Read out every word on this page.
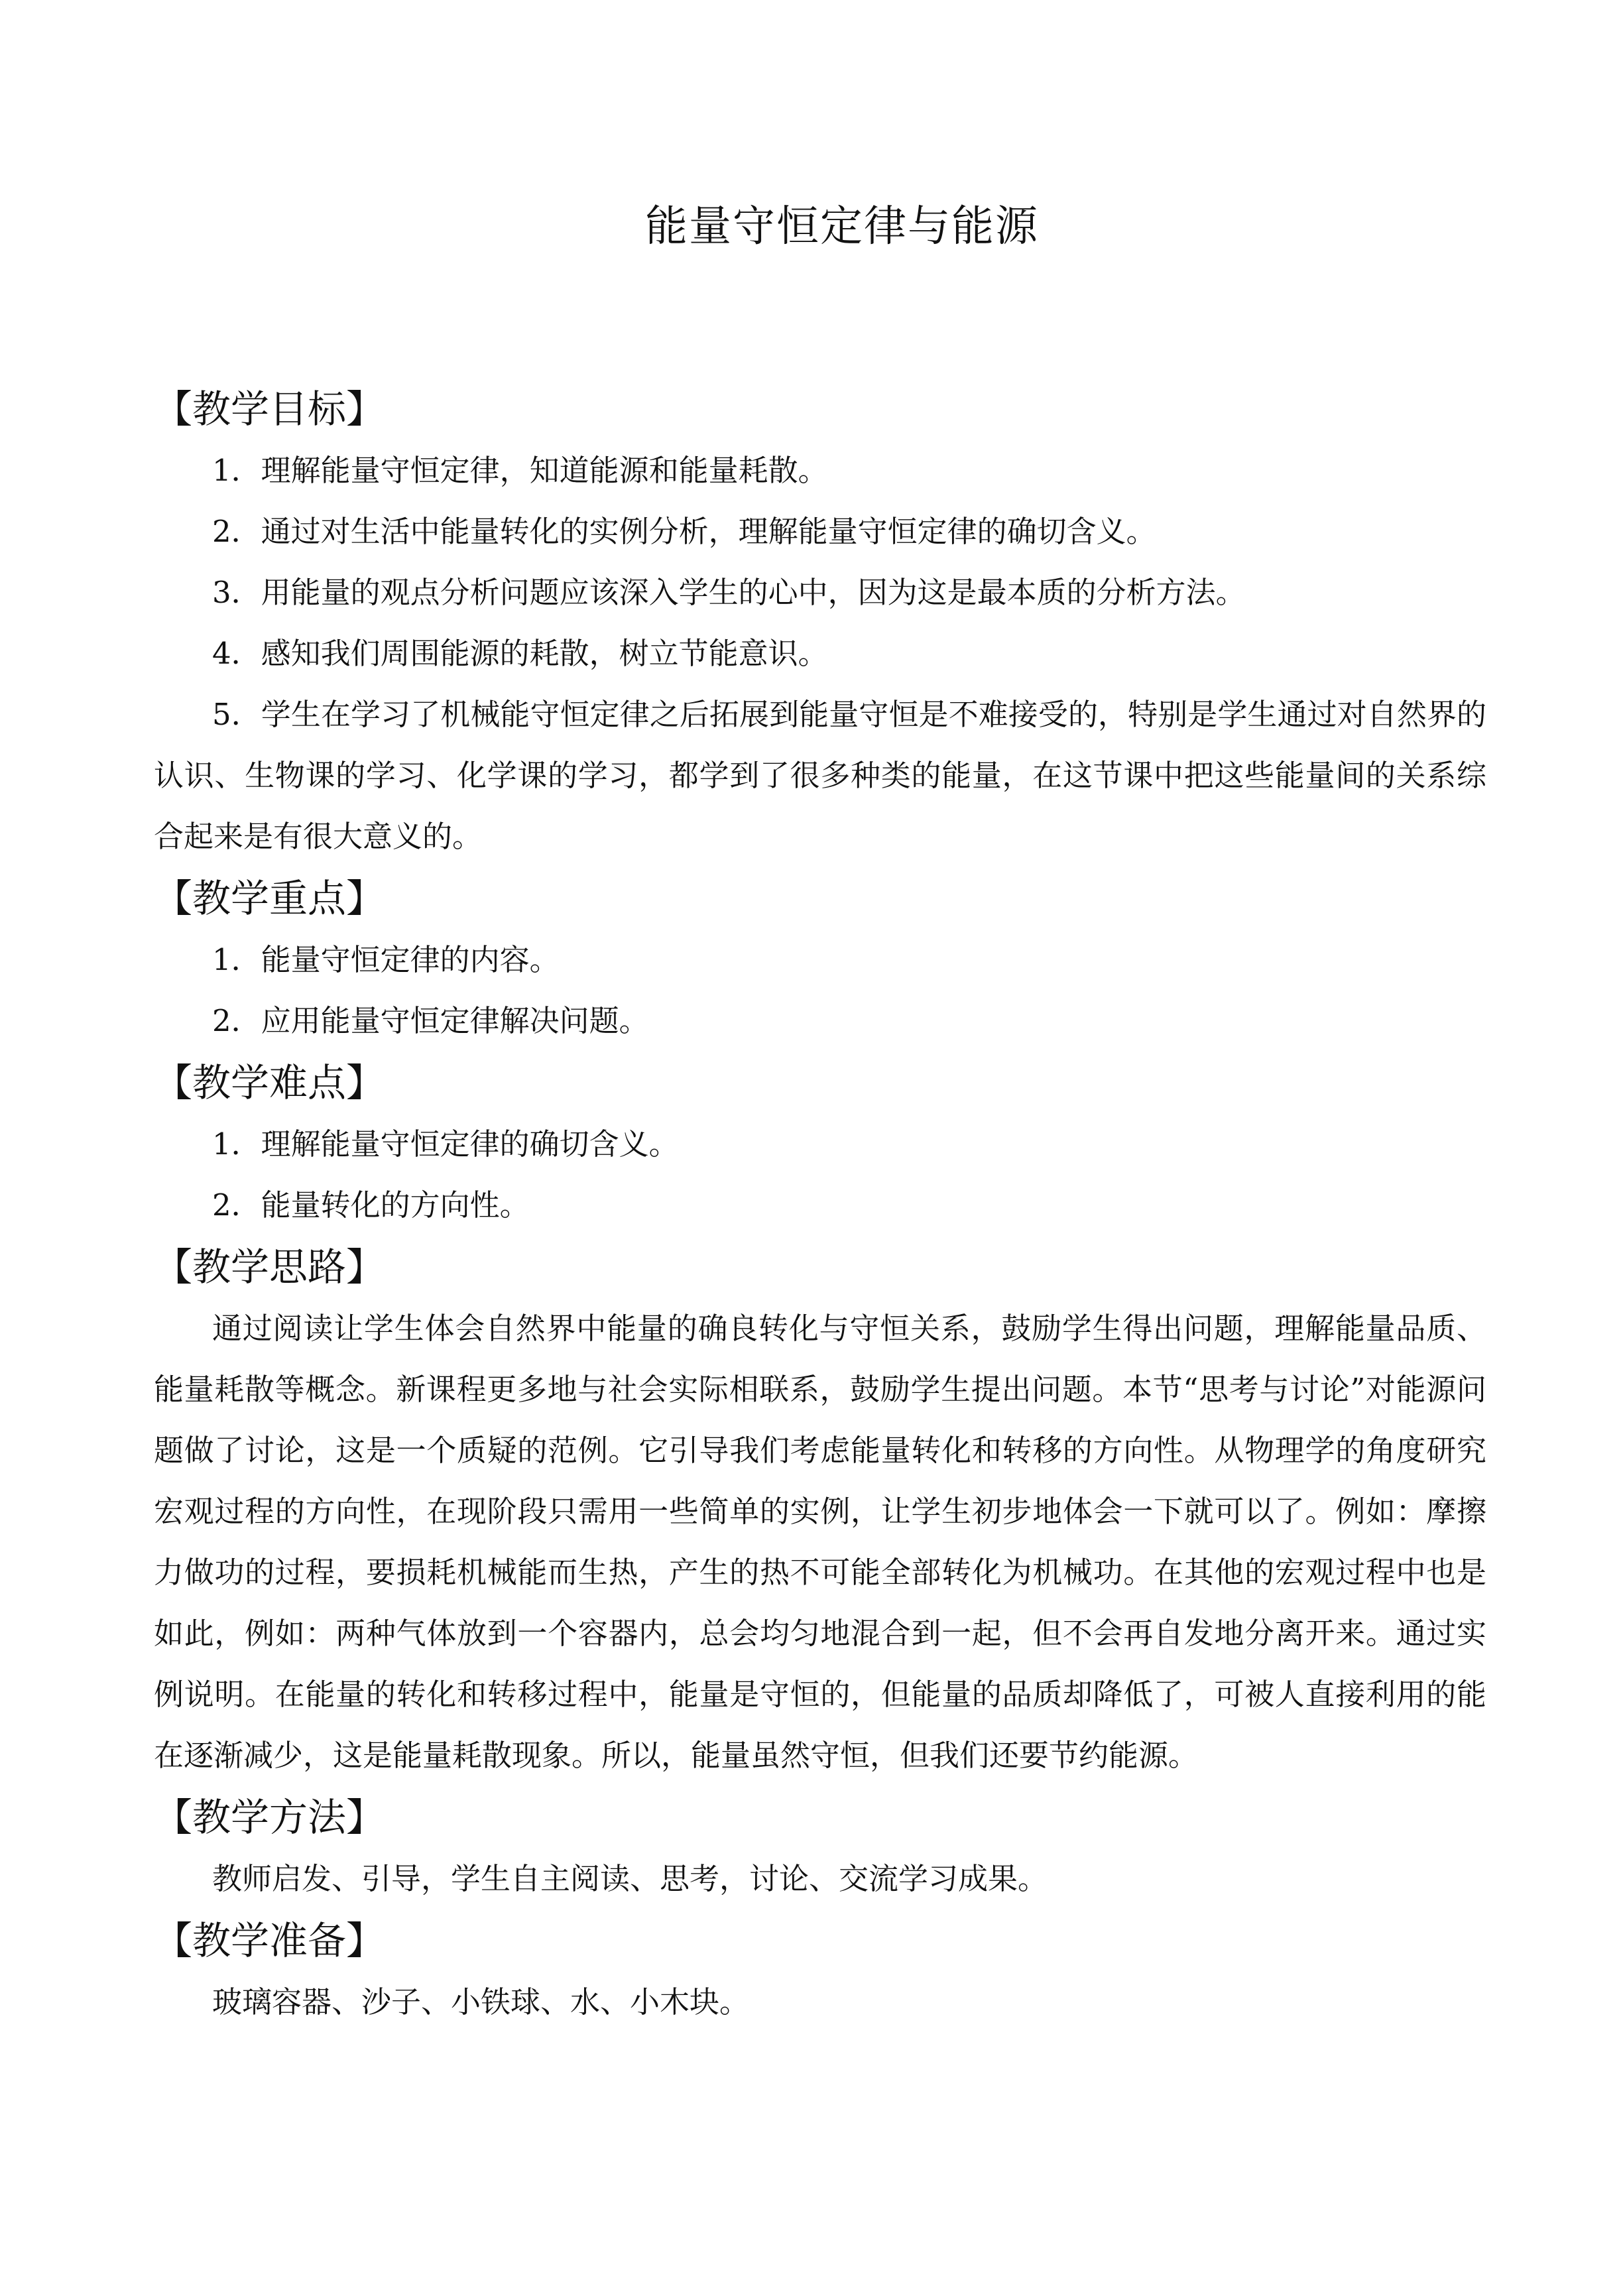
能量守恒定律与能源
【教学目标】

1．理解能量守恒定律，知道能源和能量耗散。

2．通过对生活中能量转化的实例分析，理解能量守恒定律的确切含义。

3．用能量的观点分析问题应该深入学生的心中，因为这是最本质的分析方法。

4．感知我们周围能源的耗散，树立节能意识。

5．学生在学习了机械能守恒定律之后拓展到能量守恒是不难接受的，特别是学生通过对自然界的认识、生物课的学习、化学课的学习，都学到了很多种类的能量，在这节课中把这些能量间的关系综合起来是有很大意义的。

【教学重点】

1．能量守恒定律的内容。

2．应用能量守恒定律解决问题。

【教学难点】

1．理解能量守恒定律的确切含义。

2．能量转化的方向性。

【教学思路】

通过阅读让学生体会自然界中能量的确良转化与守恒关系，鼓励学生得出问题，理解能量品质、能量耗散等概念。新课程更多地与社会实际相联系，鼓励学生提出问题。本节“思考与讨论”对能源问题做了讨论，这是一个质疑的范例。它引导我们考虑能量转化和转移的方向性。从物理学的角度研究宏观过程的方向性，在现阶段只需用一些简单的实例，让学生初步地体会一下就可以了。例如：摩擦力做功的过程，要损耗机械能而生热，产生的热不可能全部转化为机械功。在其他的宏观过程中也是如此，例如：两种气体放到一个容器内，总会均匀地混合到一起，但不会再自发地分离开来。通过实例说明。在能量的转化和转移过程中，能量是守恒的，但能量的品质却降低了，可被人直接利用的能在逐渐减少，这是能量耗散现象。所以，能量虽然守恒，但我们还要节约能源。

【教学方法】

教师启发、引导，学生自主阅读、思考，讨论、交流学习成果。

【教学准备】

玻璃容器、沙子、小铁球、水、小木块。
